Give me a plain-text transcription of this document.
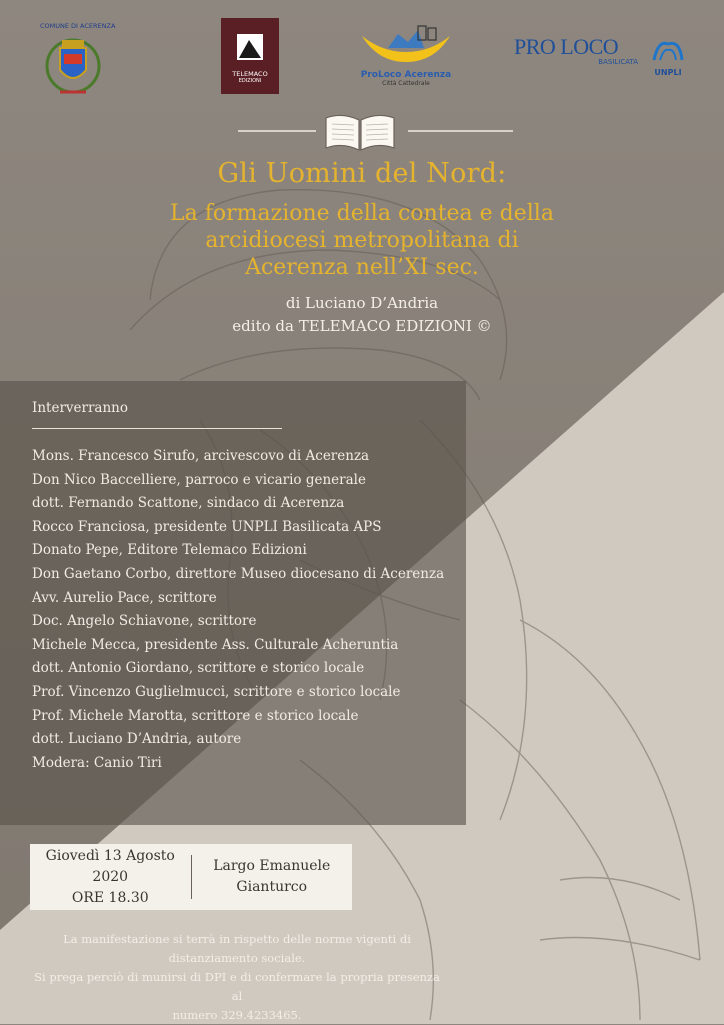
COMUNE DI ACERENZA
TELEMACO
EDIZIONI
ProLoco Acerenza
Città Cattedrale
PRO LOCO
BASILICATA
UNPLI
Gli Uomini del Nord:
La formazione della contea e della
arcidiocesi metropolitana di
Acerenza nell’XI sec.
di Luciano D’Andria
edito da TELEMACO EDIZIONI ©
Interverranno
Mons. Francesco Sirufo, arcivescovo di Acerenza
Don Nico Baccelliere, parroco e vicario generale
dott. Fernando Scattone, sindaco di Acerenza
Rocco Franciosa, presidente UNPLI Basilicata APS
Donato Pepe, Editore Telemaco Edizioni
Don Gaetano Corbo, direttore Museo diocesano di Acerenza
Avv. Aurelio Pace, scrittore
Doc. Angelo Schiavone, scrittore
Michele Mecca, presidente Ass. Culturale Acheruntia
dott. Antonio Giordano, scrittore e storico locale
Prof. Vincenzo Guglielmucci, scrittore e storico locale
Prof. Michele Marotta, scrittore e storico locale
dott. Luciano D’Andria, autore
Modera: Canio Tiri
Giovedì 13 Agosto 2020
ORE 18.30
Largo Emanuele
Gianturco
La manifestazione si terrà in rispetto delle norme vigenti di
distanziamento sociale.
Si prega perciò di munirsi di DPI e di confermare la propria presenza al
numero 329.4233465.
